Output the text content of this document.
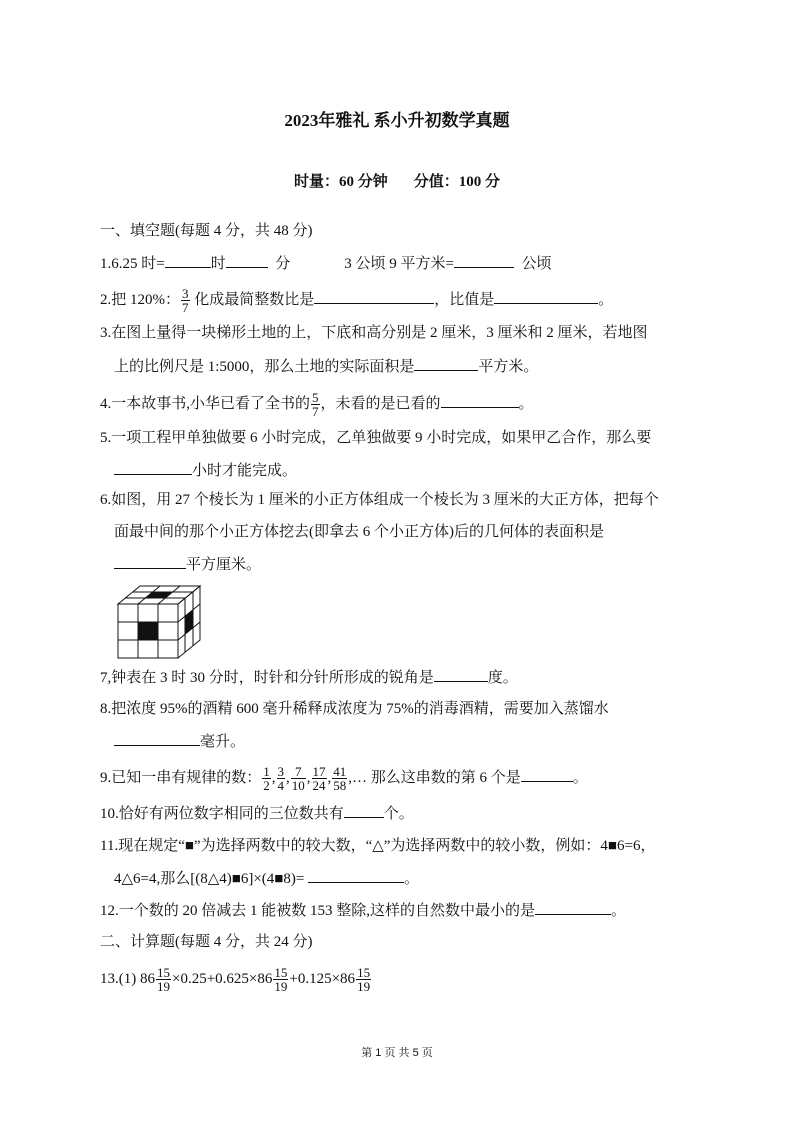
2023年雅礼 系小升初数学真题
时量：60 分钟 分值：100 分
一、填空题(每题 4 分，共 48 分)
1.6.25 时=	时	分	3 公顷 9 平方米=	公顷
2.把 120%： $\frac{3}{7}$ 化成最简整数比是	，比值是	。
3.在图上量得一块梯形土地的上，下底和高分别是 2 厘米，3 厘米和 2 厘米，若地图
上的比例尺是 1:5000，那么土地的实际面积是	平方米。
4.一本故事书,小华已看了全书的 $\frac{5}{7}$ ，未看的是已看的	。
5.一项工程甲单独做要 6 小时完成，乙单独做要 9 小时完成，如果甲乙合作，那么要
小时才能完成。
6.如图，用 27 个棱长为 1 厘米的小正方体组成一个棱长为 3 厘米的大正方体，把每个
面最中间的那个小正方体挖去(即拿去 6 个小正方体)后的几何体的表面积是
平方厘米。
7,钟表在 3 时 30 分时，时针和分针所形成的锐角是	度。
8.把浓度 95%的酒精 600 毫升稀释成浓度为 75%的消毒酒精，需要加入蒸馏水
毫升。
9.已知一串有规律的数： $\frac{1}{2}$ , $\frac{3}{4}$ , $\frac{7}{10}$ , $\frac{17}{24}$ , $\frac{41}{58}$ ,… 那么这串数的第 6 个是	。
10.恰好有两位数字相同的三位数共有	个。
11.现在规定“■”为选择两数中的较大数，“△”为选择两数中的较小数，例如：4■6=6，
4△6=4,那么[(8△4)■6]×(4■8)=	。
12.一个数的 20 倍减去 1 能被数 153 整除,这样的自然数中最小的是	。
二、计算题(每题 4 分，共 24 分)
13.(1) $86 \frac{15}{19} \times 0.25+0.625\times 86 \frac{15}{19} +0.125\times 86 \frac{15}{19}$
第 1 页 共 5 页
